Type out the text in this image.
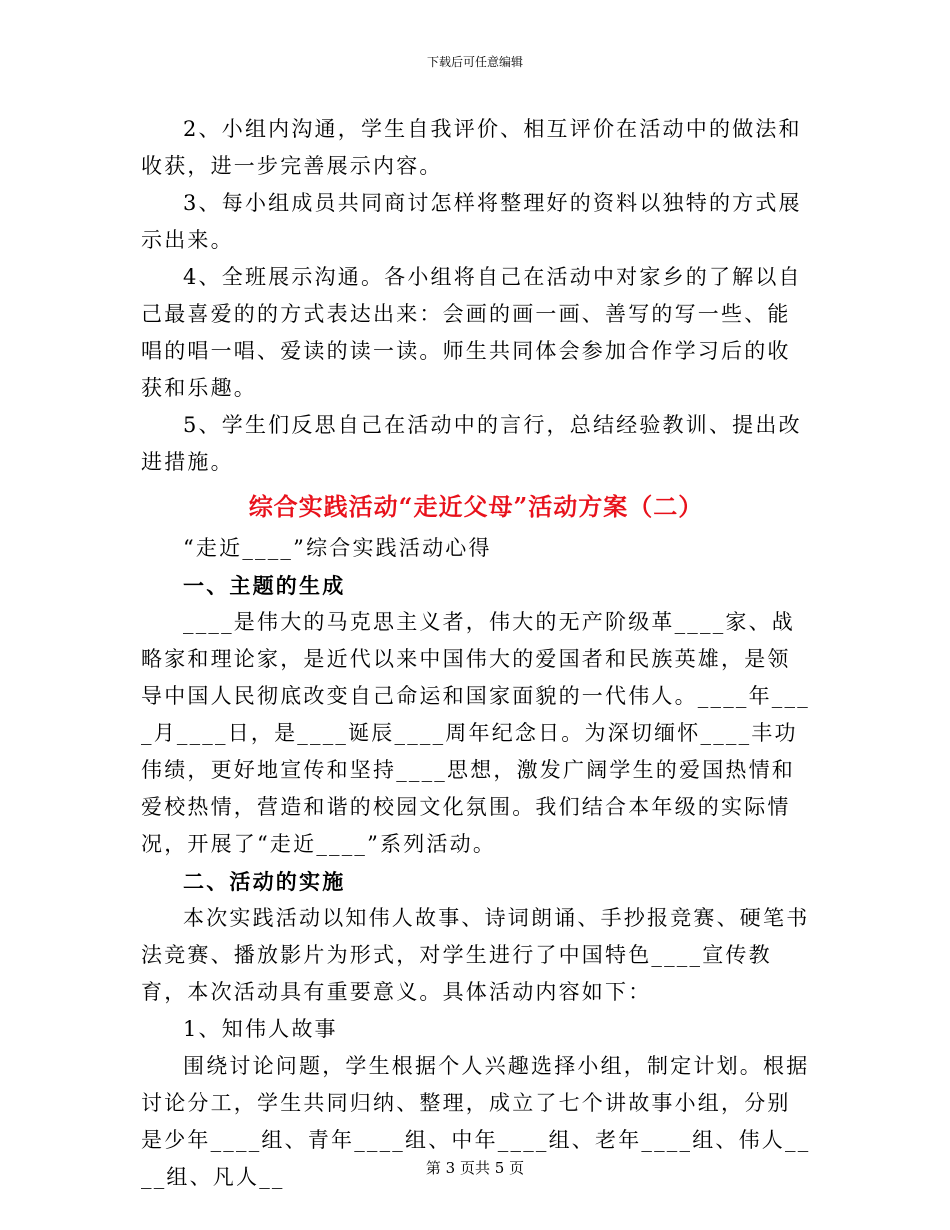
下载后可任意编辑

2、小组内沟通，学生自我评价、相互评价在活动中的做法和收获，进一步完善展示内容。

3、每小组成员共同商讨怎样将整理好的资料以独特的方式展示出来。

4、全班展示沟通。各小组将自己在活动中对家乡的了解以自己最喜爱的的方式表达出来：会画的画一画、善写的写一些、能唱的唱一唱、爱读的读一读。师生共同体会参加合作学习后的收获和乐趣。

5、学生们反思自己在活动中的言行，总结经验教训、提出改进措施。

综合实践活动“走近父母”活动方案（二）

“走近____”综合实践活动心得

一、主题的生成

____是伟大的马克思主义者，伟大的无产阶级革____家、战略家和理论家，是近代以来中国伟大的爱国者和民族英雄，是领导中国人民彻底改变自己命运和国家面貌的一代伟人。____年____月____日，是____诞辰____周年纪念日。为深切缅怀____丰功伟绩，更好地宣传和坚持____思想，激发广阔学生的爱国热情和爱校热情，营造和谐的校园文化氛围。我们结合本年级的实际情况，开展了“走近____”系列活动。

二、活动的实施

本次实践活动以知伟人故事、诗词朗诵、手抄报竞赛、硬笔书法竞赛、播放影片为形式，对学生进行了中国特色____宣传教育，本次活动具有重要意义。具体活动内容如下：

1、知伟人故事

围绕讨论问题，学生根据个人兴趣选择小组，制定计划。根据讨论分工，学生共同归纳、整理，成立了七个讲故事小组，分别是少年____组、青年____组、中年____组、老年____组、伟人____组、凡人__	第 3 页共 5 页
